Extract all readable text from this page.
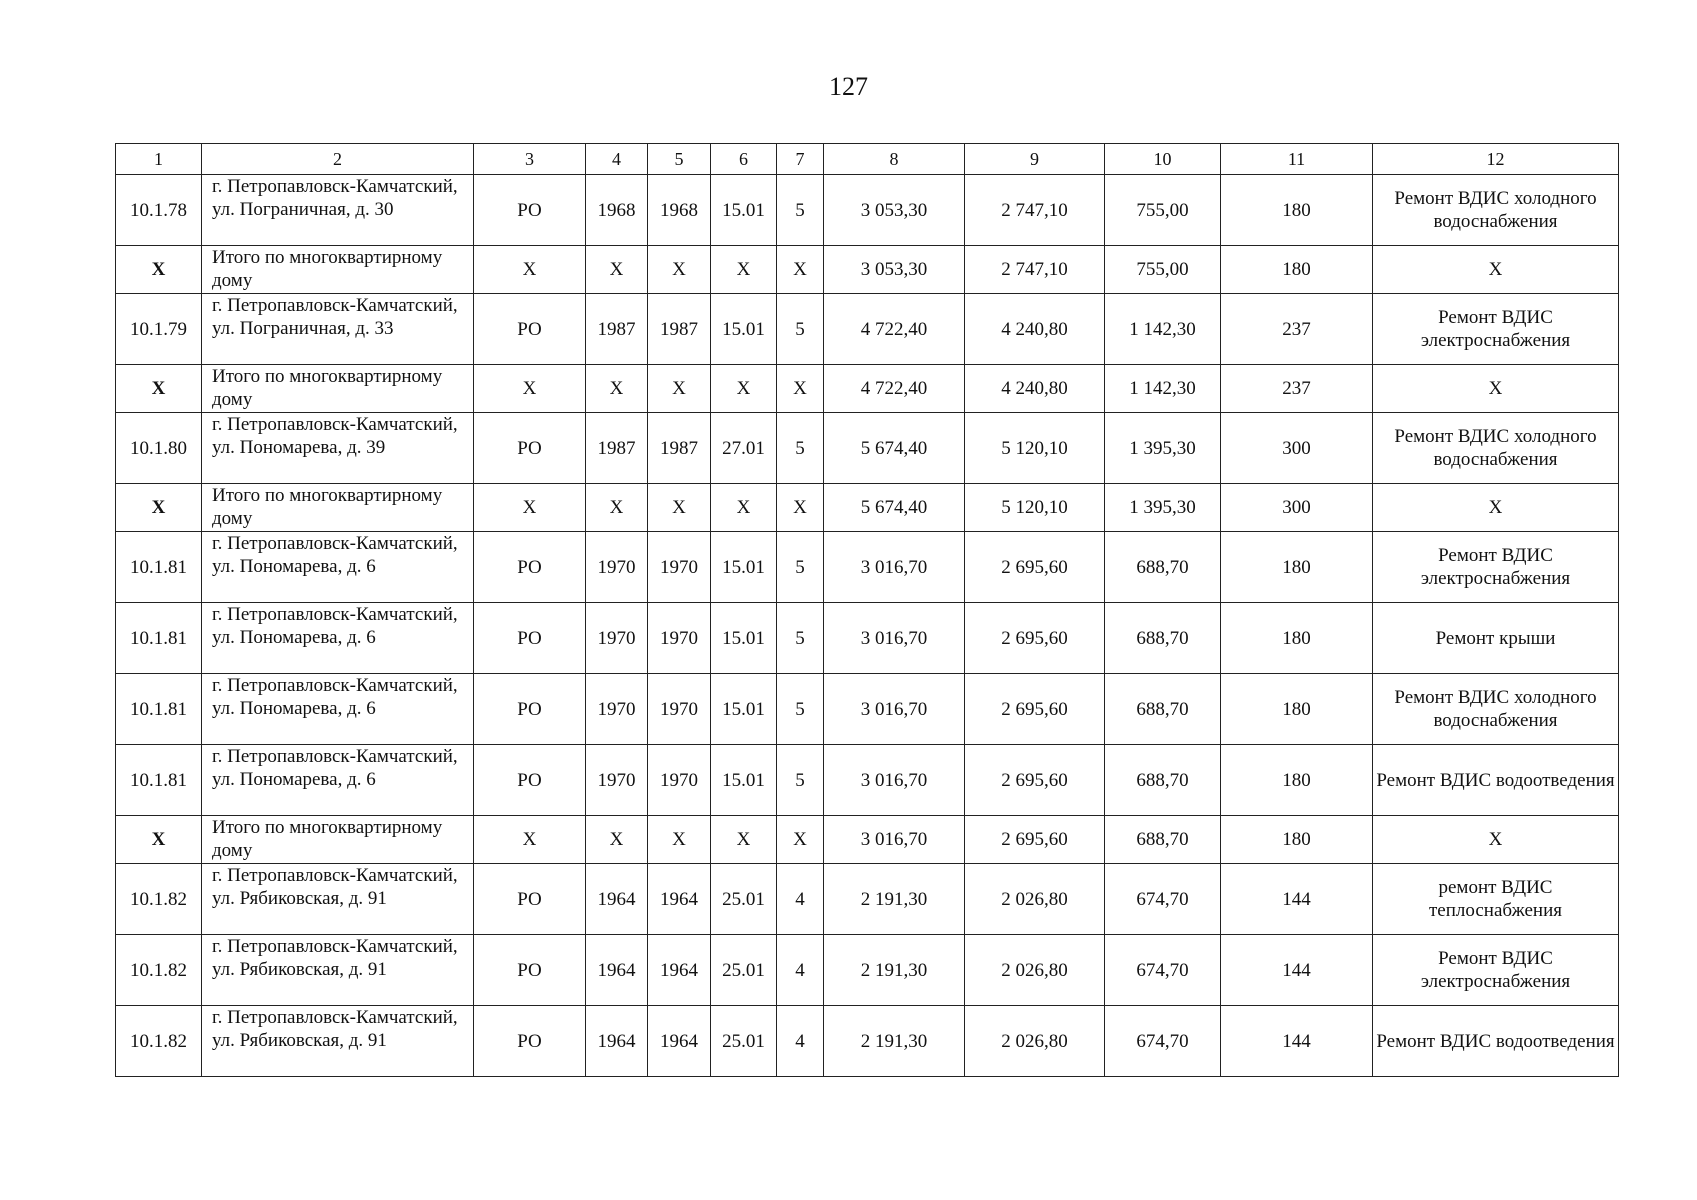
127
1	2	3	4	5	6	7	8	9	10	11	12
10.1.78	г. Петропавловск-Камчатский, ул. Пограничная, д. 30	РО	1968	1968	15.01	5	3 053,30	2 747,10	755,00	180	Ремонт ВДИС холодного водоснабжения
Х	Итого по многоквартирному дому	Х	Х	Х	Х	Х	3 053,30	2 747,10	755,00	180	Х
10.1.79	г. Петропавловск-Камчатский, ул. Пограничная, д. 33	РО	1987	1987	15.01	5	4 722,40	4 240,80	1 142,30	237	Ремонт ВДИС электроснабжения
Х	Итого по многоквартирному дому	Х	Х	Х	Х	Х	4 722,40	4 240,80	1 142,30	237	Х
10.1.80	г. Петропавловск-Камчатский, ул. Пономарева, д. 39	РО	1987	1987	27.01	5	5 674,40	5 120,10	1 395,30	300	Ремонт ВДИС холодного водоснабжения
Х	Итого по многоквартирному дому	Х	Х	Х	Х	Х	5 674,40	5 120,10	1 395,30	300	Х
10.1.81	г. Петропавловск-Камчатский, ул. Пономарева, д. 6	РО	1970	1970	15.01	5	3 016,70	2 695,60	688,70	180	Ремонт ВДИС электроснабжения
10.1.81	г. Петропавловск-Камчатский, ул. Пономарева, д. 6	РО	1970	1970	15.01	5	3 016,70	2 695,60	688,70	180	Ремонт крыши
10.1.81	г. Петропавловск-Камчатский, ул. Пономарева, д. 6	РО	1970	1970	15.01	5	3 016,70	2 695,60	688,70	180	Ремонт ВДИС холодного водоснабжения
10.1.81	г. Петропавловск-Камчатский, ул. Пономарева, д. 6	РО	1970	1970	15.01	5	3 016,70	2 695,60	688,70	180	Ремонт ВДИС водоотведения
Х	Итого по многоквартирному дому	Х	Х	Х	Х	Х	3 016,70	2 695,60	688,70	180	Х
10.1.82	г. Петропавловск-Камчатский, ул. Рябиковская, д. 91	РО	1964	1964	25.01	4	2 191,30	2 026,80	674,70	144	ремонт ВДИС теплоснабжения
10.1.82	г. Петропавловск-Камчатский, ул. Рябиковская, д. 91	РО	1964	1964	25.01	4	2 191,30	2 026,80	674,70	144	Ремонт ВДИС электроснабжения
10.1.82	г. Петропавловск-Камчатский, ул. Рябиковская, д. 91	РО	1964	1964	25.01	4	2 191,30	2 026,80	674,70	144	Ремонт ВДИС водоотведения
